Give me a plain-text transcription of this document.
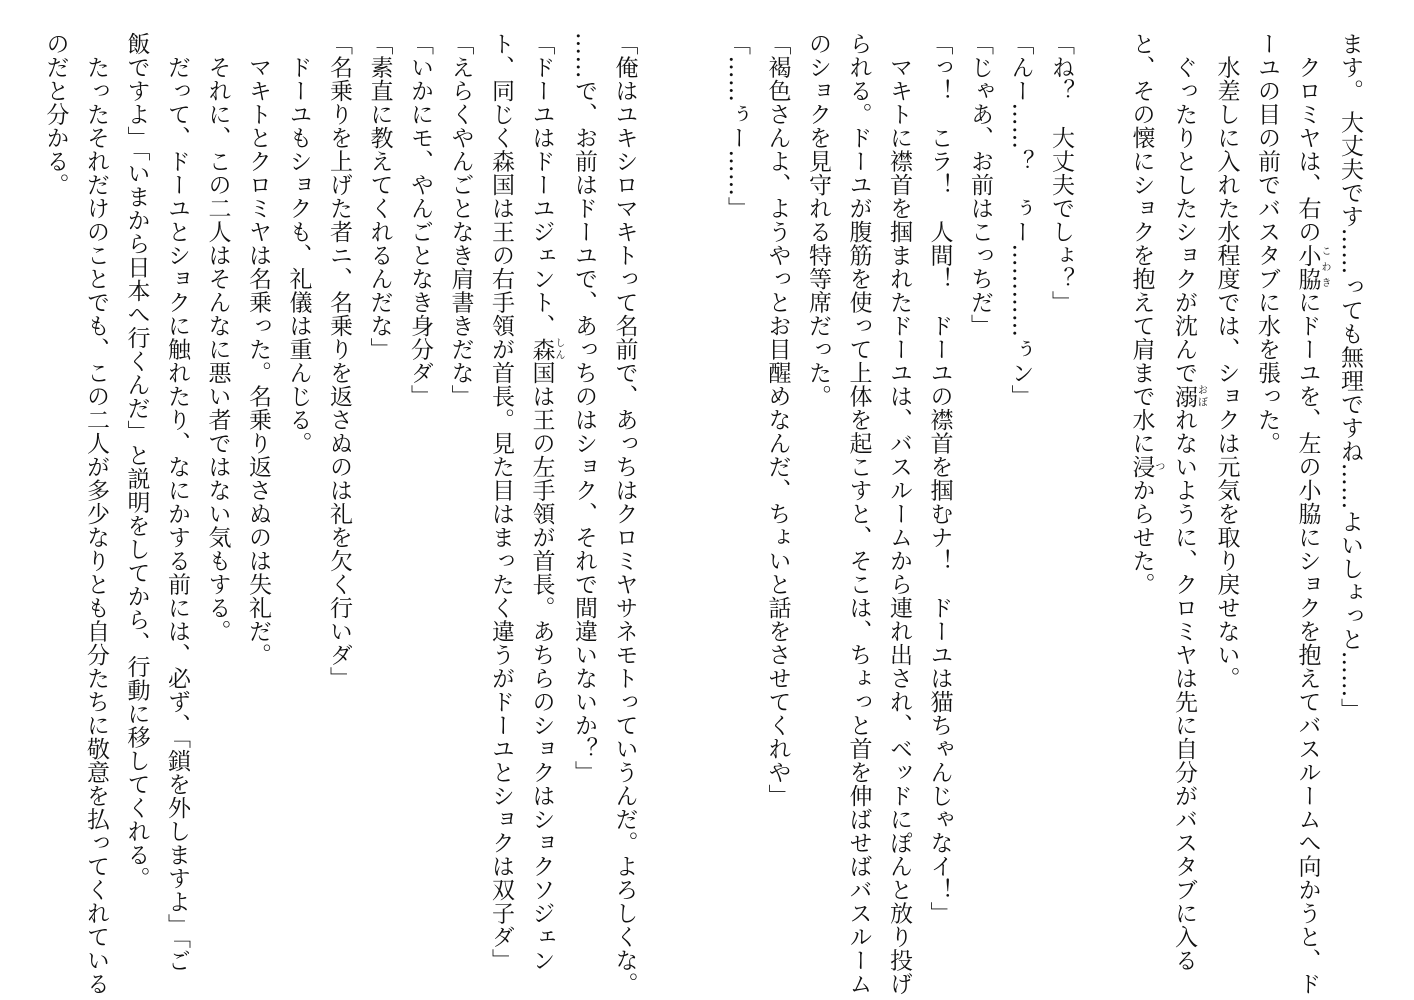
ます。 大丈夫です……っても無理ですね……よいしょっと……」
　クロミヤは、右の小脇こわきにドーユを、左の小脇にショクを抱えてバスルームへ向かうと、ド
ーユの目の前でバスタブに水を張った。
　水差しに入れた水程度では、ショクは元気を取り戻せない。
　ぐったりとしたショクが沈んで溺おぼれないように、クロミヤは先に自分がバスタブに入る
と、その懐にショクを抱えて肩まで水に浸つからせた。
「ね？　大丈夫でしょ？」
「んー……？　ぅー…………ぅン」
「じゃあ、お前はこっちだ」
「っ！　こラ！　人間！　ドーユの襟首を掴むナ！　ドーユは猫ちゃんじゃなイ！」
　マキトに襟首を掴まれたドーユは、バスルームから連れ出され、ベッドにぽんと放り投げ
られる。ドーユが腹筋を使って上体を起こすと、そこは、ちょっと首を伸ばせばバスルーム
のショクを見守れる特等席だった。
「褐色さんよ、ようやっとお目醒めなんだ、ちょいと話をさせてくれや」
「……ぅー……」
「俺はユキシロマキトって名前で、あっちはクロミヤサネモトっていうんだ。よろしくな。
……で、お前はドーユで、あっちのはショク、それで間違いないか？」
「ドーユはドーユジェント、森しん国は王の左手領が首長。あちらのショクはショクソジェン
ト、同じく森国は王の右手領が首長。見た目はまったく違うがドーユとショクは双子ダ」
「えらくやんごとなき肩書きだな」
「いかにモ、やんごとなき身分ダ」
「素直に教えてくれるんだな」
「名乗りを上げた者ニ、名乗りを返さぬのは礼を欠く行いダ」
　ドーユもショクも、礼儀は重んじる。
　マキトとクロミヤは名乗った。名乗り返さぬのは失礼だ。
　それに、この二人はそんなに悪い者ではない気もする。
　だって、ドーユとショクに触れたり、なにかする前には、必ず、「鎖を外しますよ」「ご
飯ですよ」「いまから日本へ行くんだ」と説明をしてから、行動に移してくれる。
　たったそれだけのことでも、この二人が多少なりとも自分たちに敬意を払ってくれている
のだと分かる。
